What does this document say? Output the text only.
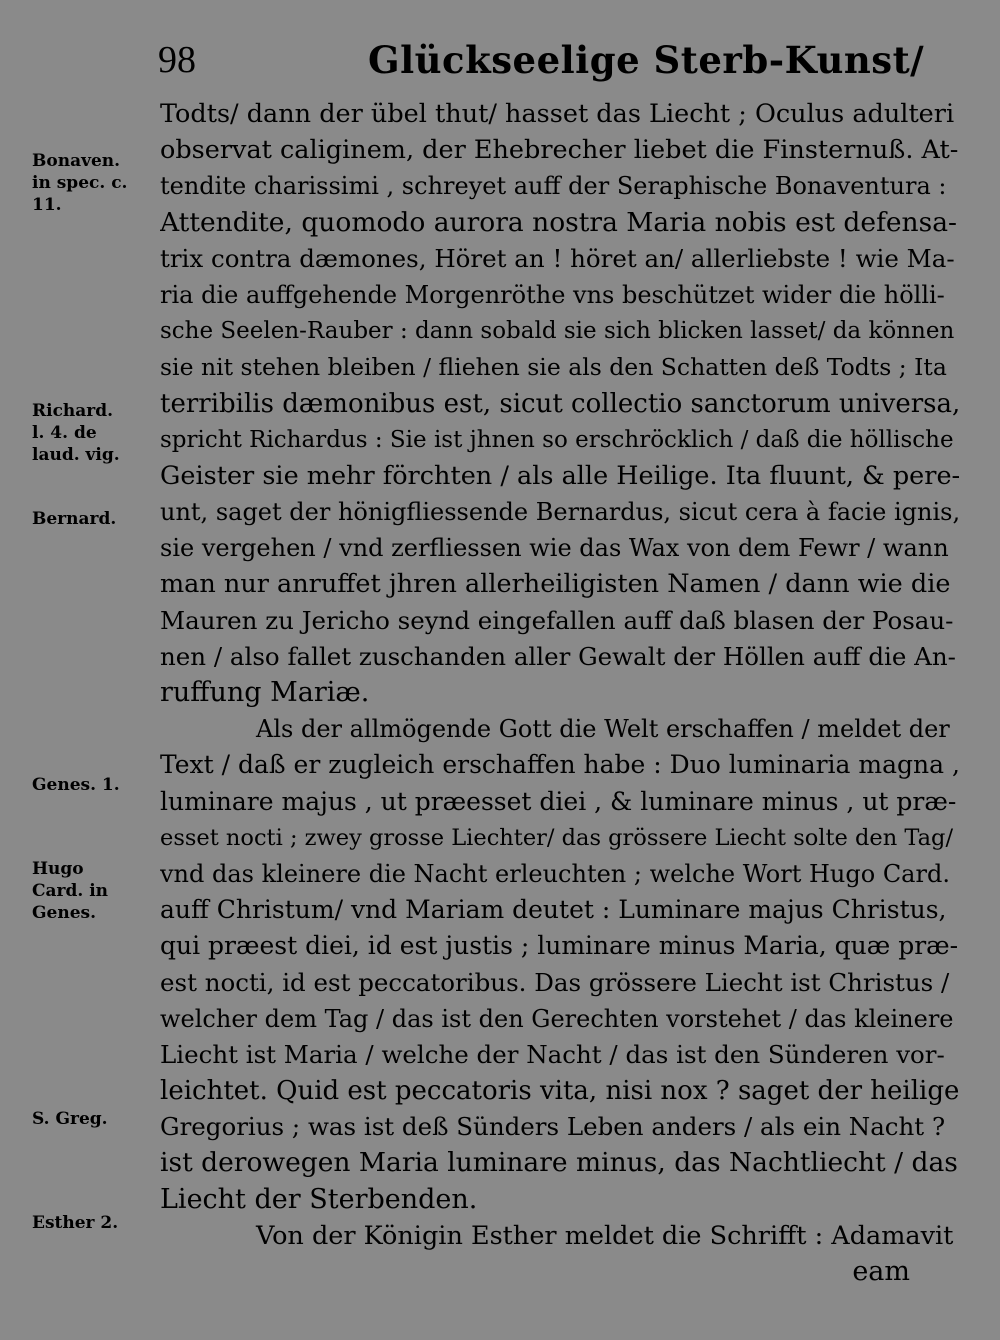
98	Glückseelige Sterb-Kunst/
Bonaven.
in spec. c.
11.
Richard.
l. 4. de
laud. vig.
Bernard.
Genes. 1.
Hugo
Card. in
Genes.
S. Greg.
Esther 2.
Todts/ dann der übel thut/ hasset das Liecht ; Oculus adulteri
observat caliginem, der Ehebrecher liebet die Finsternuß. At-
tendite charissimi , schreyet auff der Seraphische Bonaventura :
Attendite, quomodo aurora nostra Maria nobis est defensa-
trix contra dæmones, Höret an ! höret an/ allerliebste ! wie Ma-
ria die auffgehende Morgenröthe vns beschützet wider die hölli-
sche Seelen-Rauber : dann sobald sie sich blicken lasset/ da können
sie nit stehen bleiben / fliehen sie als den Schatten deß Todts ; Ita
terribilis dæmonibus est, sicut collectio sanctorum universa,
spricht Richardus : Sie ist jhnen so erschröcklich / daß die höllische
Geister sie mehr förchten / als alle Heilige. Ita fluunt, & pere-
unt, saget der hönigfliessende Bernardus, sicut cera à facie ignis,
sie vergehen / vnd zerfliessen wie das Wax von dem Fewr / wann
man nur anruffet jhren allerheiligisten Namen / dann wie die
Mauren zu Jericho seynd eingefallen auff daß blasen der Posau-
nen / also fallet zuschanden aller Gewalt der Höllen auff die An-
ruffung Mariæ.
Als der allmögende Gott die Welt erschaffen / meldet der
Text / daß er zugleich erschaffen habe : Duo luminaria magna ,
luminare majus , ut præesset diei , & luminare minus , ut præ-
esset nocti ; zwey grosse Liechter/ das grössere Liecht solte den Tag/
vnd das kleinere die Nacht erleuchten ; welche Wort Hugo Card.
auff Christum/ vnd Mariam deutet : Luminare majus Christus,
qui præest diei, id est justis ; luminare minus Maria, quæ præ-
est nocti, id est peccatoribus. Das grössere Liecht ist Christus /
welcher dem Tag / das ist den Gerechten vorstehet / das kleinere
Liecht ist Maria / welche der Nacht / das ist den Sünderen vor-
leichtet. Quid est peccatoris vita, nisi nox ? saget der heilige
Gregorius ; was ist deß Sünders Leben anders / als ein Nacht ?
ist derowegen Maria luminare minus, das Nachtliecht / das
Liecht der Sterbenden.
Von der Königin Esther meldet die Schrifft : Adamavit
eam
